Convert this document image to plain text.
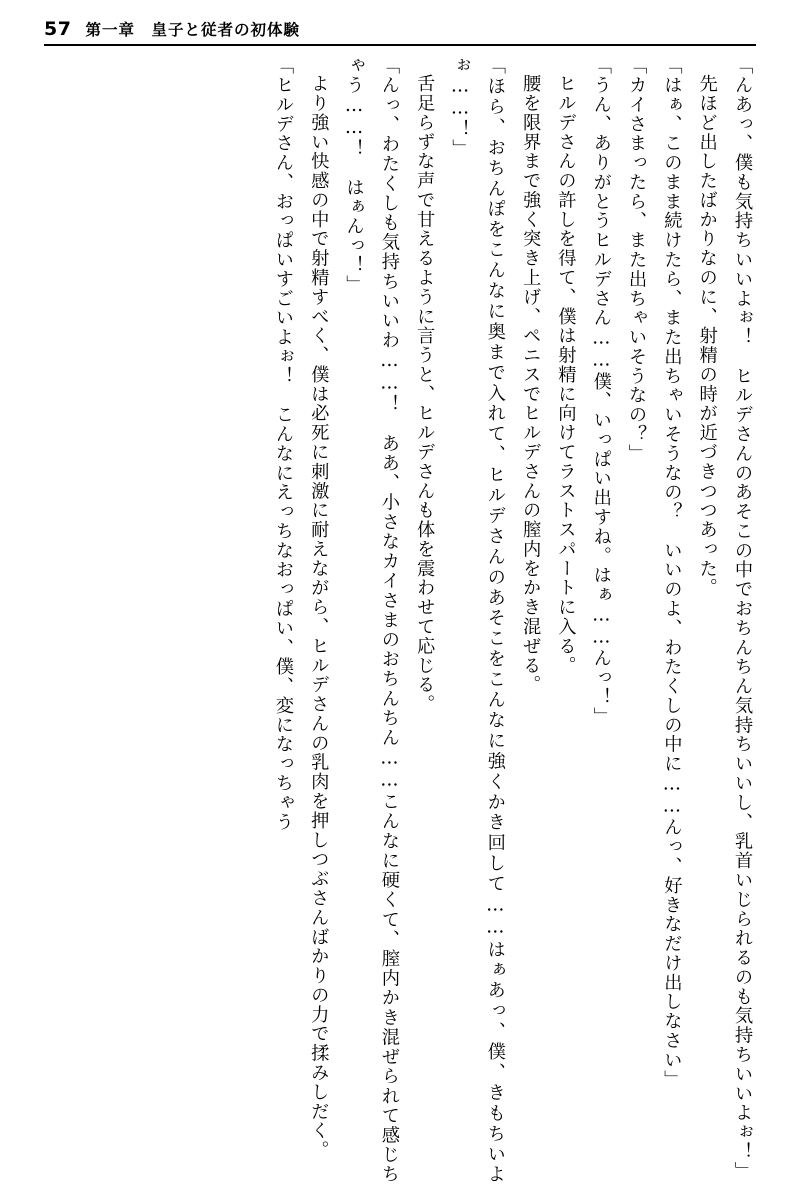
57 第一章　皇子と従者の初体験

「んあっ、僕も気持ちいいよぉ！　ヒルデさんのあそこの中でおちんちん気持ちいいし、乳首いじられるのも気持ちいいよぉ！」

先ほど出したばかりなのに、射精の時が近づきつつあった。

「はぁ、このまま続けたら、また出ちゃいそうなの？　いいのよ、わたくしの中に……んっ、好きなだけ出しなさい」

「カイさまったら、また出ちゃいそうなの？」

「うん、ありがとうヒルデさん……僕、いっぱい出すね。はぁ……んっ！」

ヒルデさんの許しを得て、僕は射精に向けてラストスパートに入る。

腰を限界まで強く突き上げ、ペニスでヒルデさんの膣内をかき混ぜる。

「ほら、おちんぽをこんなに奥まで入れて、ヒルデさんのあそこをこんなに強くかき回して……はぁあっ、僕、きもちいよぉ……！」

舌足らずな声で甘えるように言うと、ヒルデさんも体を震わせて応じる。

「んっ、わたくしも気持ちいいわ……！　ああ、小さなカイさまのおちんちん……こんなに硬くて、膣内かき混ぜられて感じちゃう……！　はぁんっ！」

より強い快感の中で射精すべく、僕は必死に刺激に耐えながら、ヒルデさんの乳肉を押しつぶさんばかりの力で揉みしだく。

「ヒルデさん、おっぱいすごいよぉ！　こんなにえっちなおっぱい、僕、変になっちゃう
